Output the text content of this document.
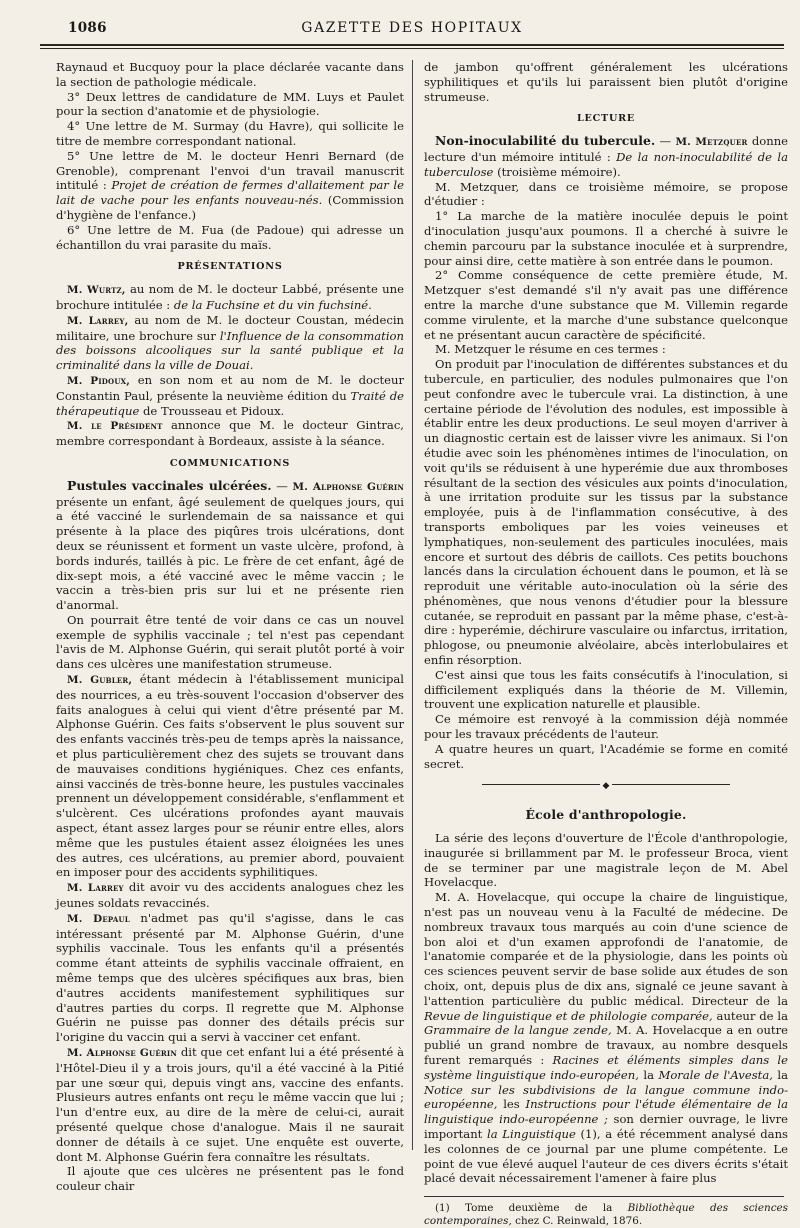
1086	GAZETTE DES HOPITAUX

Raynaud et Bucquoy pour la place déclarée vacante dans la section de pathologie médicale.

3° Deux lettres de candidature de MM. Luys et Paulet pour la section d'anatomie et de physiologie.

4° Une lettre de M. Surmay (du Havre), qui sollicite le titre de membre correspondant national.

5° Une lettre de M. le docteur Henri Bernard (de Grenoble), comprenant l'envoi d'un travail manuscrit intitulé : Projet de création de fermes d'allaitement par le lait de vache pour les enfants nouveau-nés. (Commission d'hygiène de l'enfance.)

6° Une lettre de M. Fua (de Padoue) qui adresse un échantillon du vrai parasite du maïs.

PRÉSENTATIONS

M. Wurtz, au nom de M. le docteur Labbé, présente une brochure intitulée : de la Fuchsine et du vin fuchsiné.

M. Larrey, au nom de M. le docteur Coustan, médecin militaire, une brochure sur l'Influence de la consommation des boissons alcooliques sur la santé publique et la criminalité dans la ville de Douai.

M. Pidoux, en son nom et au nom de M. le docteur Constantin Paul, présente la neuvième édition du Traité de thérapeutique de Trousseau et Pidoux.

M. le Président annonce que M. le docteur Gintrac, membre correspondant à Bordeaux, assiste à la séance.

COMMUNICATIONS

Pustules vaccinales ulcérées. — M. Alphonse Guérin présente un enfant, âgé seulement de quelques jours, qui a été vacciné le surlendemain de sa naissance et qui présente à la place des piqûres trois ulcérations, dont deux se réunissent et forment un vaste ulcère, profond, à bords indurés, taillés à pic. Le frère de cet enfant, âgé de dix-sept mois, a été vacciné avec le même vaccin ; le vaccin a très-bien pris sur lui et ne présente rien d'anormal.

On pourrait être tenté de voir dans ce cas un nouvel exemple de syphilis vaccinale ; tel n'est pas cependant l'avis de M. Alphonse Guérin, qui serait plutôt porté à voir dans ces ulcères une manifestation strumeuse.

M. Gubler, étant médecin à l'établissement municipal des nourrices, a eu très-souvent l'occasion d'observer des faits analogues à celui qui vient d'être présenté par M. Alphonse Guérin. Ces faits s'observent le plus souvent sur des enfants vaccinés très-peu de temps après la naissance, et plus particulièrement chez des sujets se trouvant dans de mauvaises conditions hygiéniques. Chez ces enfants, ainsi vaccinés de très-bonne heure, les pustules vaccinales prennent un développement considérable, s'enflamment et s'ulcèrent. Ces ulcérations profondes ayant mauvais aspect, étant assez larges pour se réunir entre elles, alors même que les pustules étaient assez éloignées les unes des autres, ces ulcérations, au premier abord, pouvaient en imposer pour des accidents syphilitiques.

M. Larrey dit avoir vu des accidents analogues chez les jeunes soldats revaccinés.

M. Depaul n'admet pas qu'il s'agisse, dans le cas intéressant présenté par M. Alphonse Guérin, d'une syphilis vaccinale. Tous les enfants qu'il a présentés comme étant atteints de syphilis vaccinale offraient, en même temps que des ulcères spécifiques aux bras, bien d'autres accidents manifestement syphilitiques sur d'autres parties du corps. Il regrette que M. Alphonse Guérin ne puisse pas donner des détails précis sur l'origine du vaccin qui a servi à vacciner cet enfant.

M. Alphonse Guérin dit que cet enfant lui a été présenté à l'Hôtel-Dieu il y a trois jours, qu'il a été vacciné à la Pitié par une sœur qui, depuis vingt ans, vaccine des enfants. Plusieurs autres enfants ont reçu le même vaccin que lui ; l'un d'entre eux, au dire de la mère de celui-ci, aurait présenté quelque chose d'analogue. Mais il ne saurait donner de détails à ce sujet. Une enquête est ouverte, dont M. Alphonse Guérin fera connaître les résultats.

Il ajoute que ces ulcères ne présentent pas le fond couleur chair

de jambon qu'offrent généralement les ulcérations syphilitiques et qu'ils lui paraissent bien plutôt d'origine strumeuse.

LECTURE

Non-inoculabilité du tubercule. — M. Metzquer donne lecture d'un mémoire intitulé : De la non-inoculabilité de la tuberculose (troisième mémoire).

M. Metzquer, dans ce troisième mémoire, se propose d'étudier :

1° La marche de la matière inoculée depuis le point d'inoculation jusqu'aux poumons. Il a cherché à suivre le chemin parcouru par la substance inoculée et à surprendre, pour ainsi dire, cette matière à son entrée dans le poumon.

2° Comme conséquence de cette première étude, M. Metzquer s'est demandé s'il n'y avait pas une différence entre la marche d'une substance que M. Villemin regarde comme virulente, et la marche d'une substance quelconque et ne présentant aucun caractère de spécificité.

M. Metzquer le résume en ces termes :

On produit par l'inoculation de différentes substances et du tubercule, en particulier, des nodules pulmonaires que l'on peut confondre avec le tubercule vrai. La distinction, à une certaine période de l'évolution des nodules, est impossible à établir entre les deux productions. Le seul moyen d'arriver à un diagnostic certain est de laisser vivre les animaux. Si l'on étudie avec soin les phénomènes intimes de l'inoculation, on voit qu'ils se réduisent à une hyperémie due aux thromboses résultant de la section des vésicules aux points d'inoculation, à une irritation produite sur les tissus par la substance employée, puis à de l'inflammation consécutive, à des transports emboliques par les voies veineuses et lymphatiques, non-seulement des particules inoculées, mais encore et surtout des débris de caillots. Ces petits bouchons lancés dans la circulation échouent dans le poumon, et là se reproduit une véritable auto-inoculation où la série des phénomènes, que nous venons d'étudier pour la blessure cutanée, se reproduit en passant par la même phase, c'est-à-dire : hyperémie, déchirure vasculaire ou infarctus, irritation, phlogose, ou pneumonie alvéolaire, abcès interlobulaires et enfin résorption.

C'est ainsi que tous les faits consécutifs à l'inoculation, si difficilement expliqués dans la théorie de M. Villemin, trouvent une explication naturelle et plausible.

Ce mémoire est renvoyé à la commission déjà nommée pour les travaux précédents de l'auteur.

A quatre heures un quart, l'Académie se forme en comité secret.

◆
École d'anthropologie.

La série des leçons d'ouverture de l'École d'anthropologie, inaugurée si brillamment par M. le professeur Broca, vient de se terminer par une magistrale leçon de M. Abel Hovelacque.

M. A. Hovelacque, qui occupe la chaire de linguistique, n'est pas un nouveau venu à la Faculté de médecine. De nombreux travaux tous marqués au coin d'une science de bon aloi et d'un examen approfondi de l'anatomie, de l'anatomie comparée et de la physiologie, dans les points où ces sciences peuvent servir de base solide aux études de son choix, ont, depuis plus de dix ans, signalé ce jeune savant à l'attention particulière du public médical. Directeur de la Revue de linguistique et de philologie comparée, auteur de la Grammaire de la langue zende, M. A. Hovelacque a en outre publié un grand nombre de travaux, au nombre desquels furent remarqués : Racines et éléments simples dans le système linguistique indo-européen, la Morale de l'Avesta, la Notice sur les subdivisions de la langue commune indo-européenne, les Instructions pour l'étude élémentaire de la linguistique indo-européenne ; son dernier ouvrage, le livre important la Linguistique (1), a été récemment analysé dans les colonnes de ce journal par une plume compétente. Le point de vue élevé auquel l'auteur de ces divers écrits s'était placé devait nécessairement l'amener à faire plus

(1) Tome deuxième de la Bibliothèque des sciences contemporaines, chez C. Reinwald, 1876.
